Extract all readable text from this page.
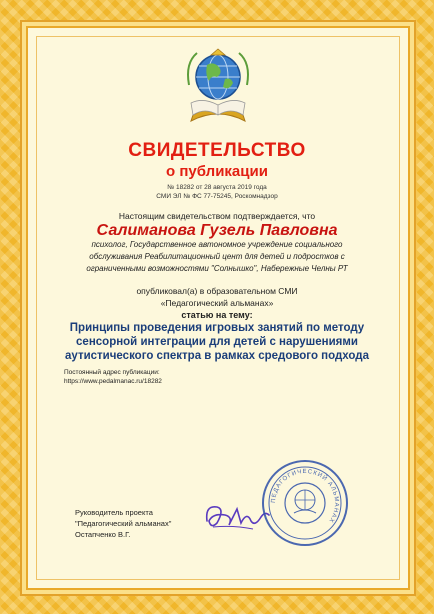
СВИДЕТЕЛЬСТВО
о публикации
№ 18282 от 28 августа 2019 года
СМИ ЭЛ № ФС 77-75245, Роскомнадзор
Настоящим свидетельством подтверждается, что
Салиманова Гузель Павловна
психолог, Государственное автономное учреждение социального
обслуживания Реабилитационный цент для детей и подростков с
ограниченными возможностями "Солнышко", Набережные Челны РТ
опубликовал(а) в образовательном СМИ
«Педагогический альманах»
статью на тему:
Принципы проведения игровых занятий по методу
сенсорной интеграции для детей с нарушениями
аутистического спектра в рамках средового подхода
Постоянный адрес публикации:
https://www.pedalmanac.ru/18282
Руководитель проекта
"Педагогический альманах"
Остапченко В.Г.
ПЕДАГОГИЧЕСКИЙ АЛЬМАНАХ
